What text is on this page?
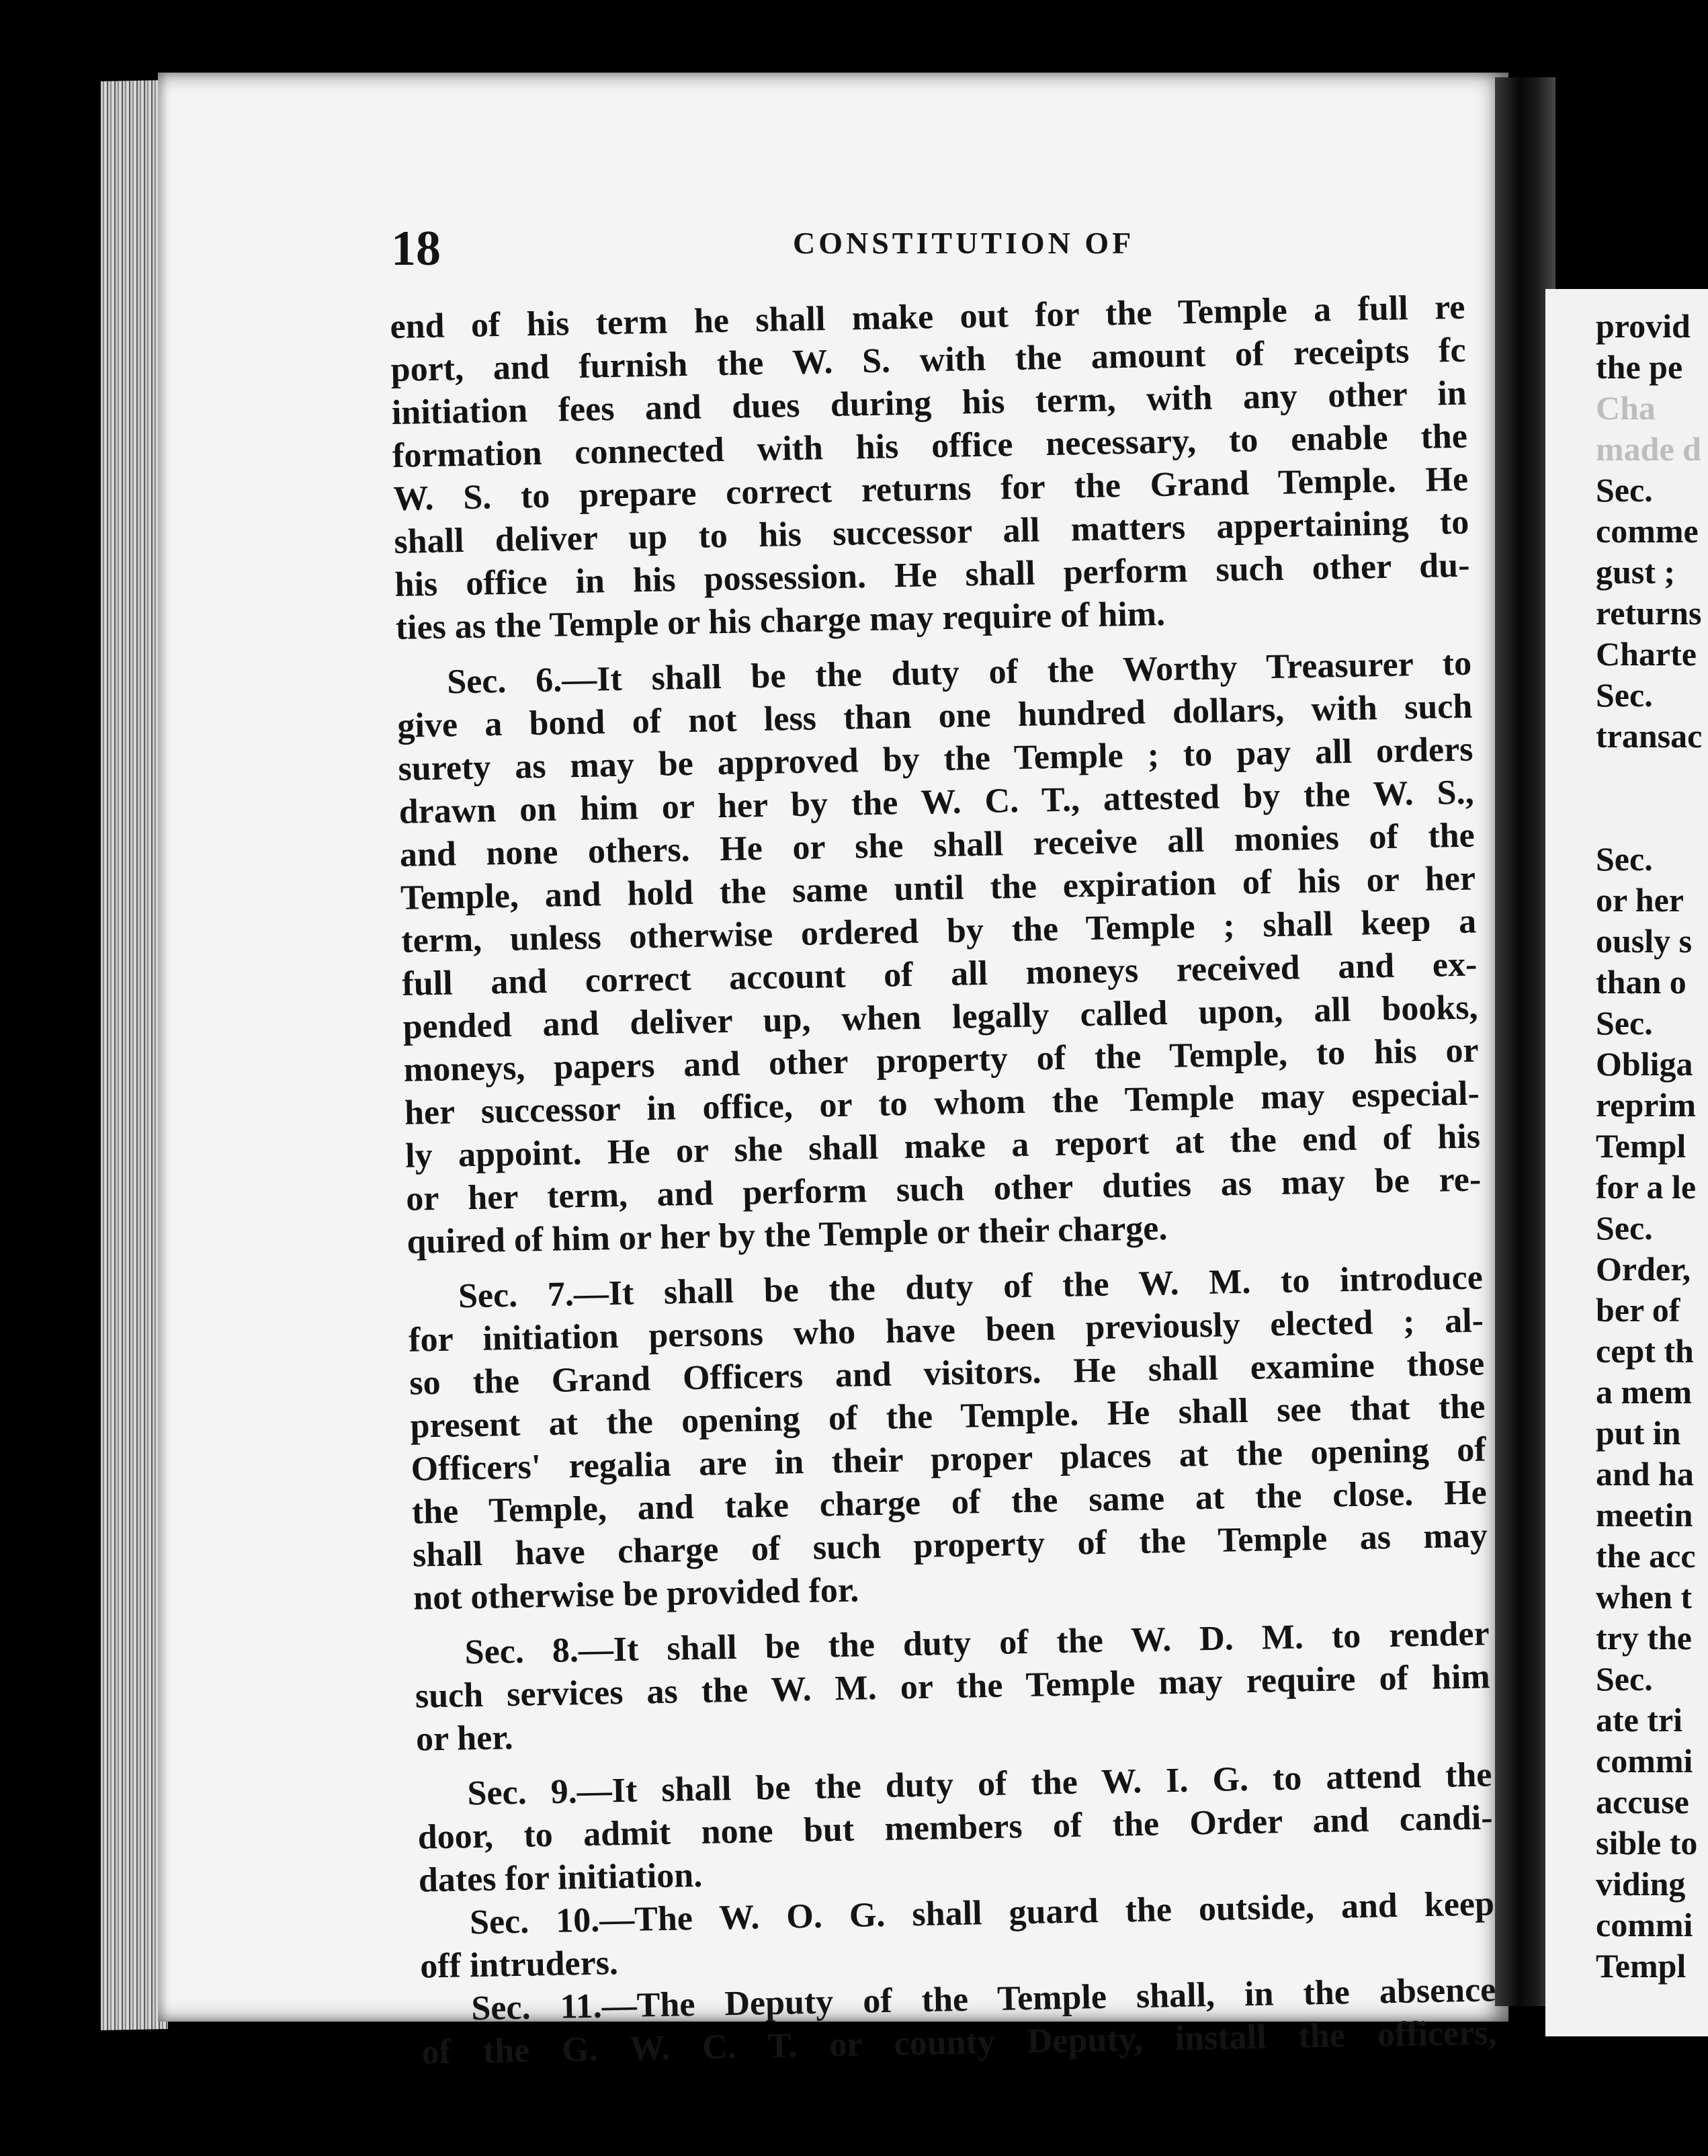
18	CONSTITUTION OF
end of his term he shall make out for the Temple a full re
port, and furnish the W. S. with the amount of receipts fc
initiation fees and dues during his term, with any other in
formation connected with his office necessary, to enable the
W. S. to prepare correct returns for the Grand Temple. He
shall deliver up to his successor all matters appertaining to
his office in his possession. He shall perform such other du-
ties as the Temple or his charge may require of him.
Sec. 6.—It shall be the duty of the Worthy Treasurer to
give a bond of not less than one hundred dollars, with such
surety as may be approved by the Temple ; to pay all orders
drawn on him or her by the W. C. T., attested by the W. S.,
and none others. He or she shall receive all monies of the
Temple, and hold the same until the expiration of his or her
term, unless otherwise ordered by the Temple ; shall keep a
full and correct account of all moneys received and ex-
pended and deliver up, when legally called upon, all books,
moneys, papers and other property of the Temple, to his or
her successor in office, or to whom the Temple may especial-
ly appoint. He or she shall make a report at the end of his
or her term, and perform such other duties as may be re-
quired of him or her by the Temple or their charge.
Sec. 7.—It shall be the duty of the W. M. to introduce
for initiation persons who have been previously elected ; al-
so the Grand Officers and visitors. He shall examine those
present at the opening of the Temple. He shall see that the
Officers' regalia are in their proper places at the opening of
the Temple, and take charge of the same at the close. He
shall have charge of such property of the Temple as may
not otherwise be provided for.
Sec. 8.—It shall be the duty of the W. D. M. to render
such services as the W. M. or the Temple may require of him
or her.
Sec. 9.—It shall be the duty of the W. I. G. to attend the
door, to admit none but members of the Order and candi-
dates for initiation.
Sec. 10.—The W. O. G. shall guard the outside, and keep
off intruders.
Sec. 11.—The Deputy of the Temple shall, in the absence
of the G. W. C. T. or county Deputy, install the officers,
provid
the pe
Cha
made d
Sec.
comme
gust ;
returns
Charte
Sec.
transac
Sec.
or her
ously s
than o
Sec.
Obliga
reprim
Templ
for a le
Sec.
Order,
ber of
cept th
a mem
put in
and ha
meetin
the acc
when t
try the
Sec.
ate tri
commi
accuse
sible to
viding
commi
Templ
